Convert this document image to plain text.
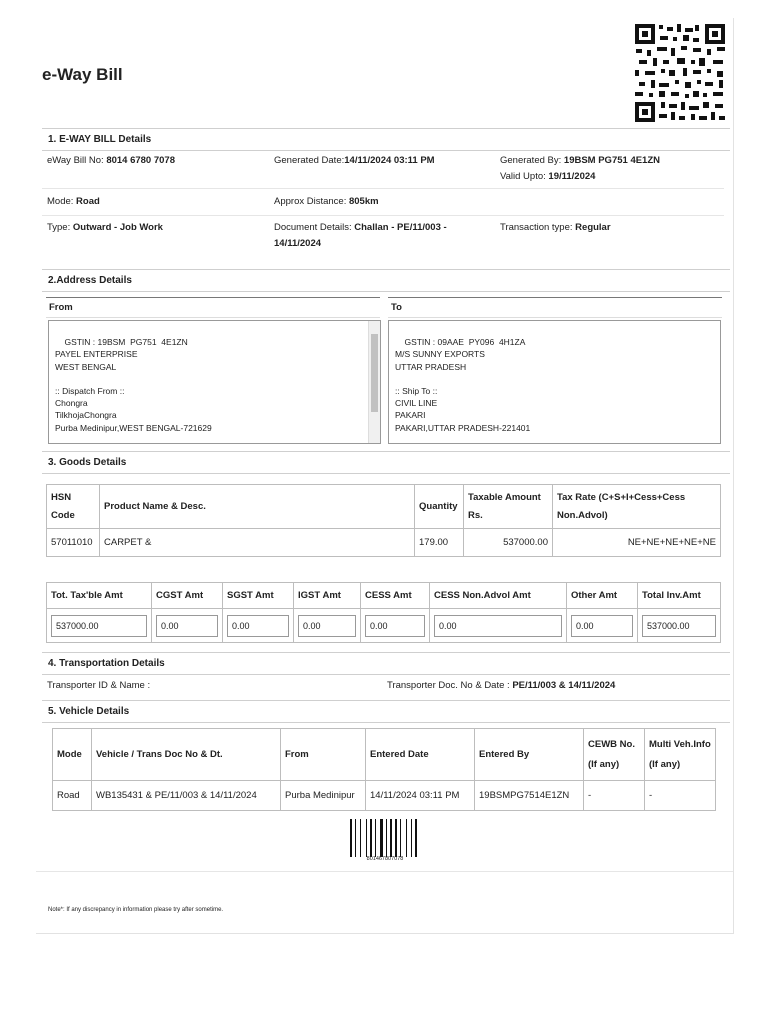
e-Way Bill
1. E-WAY BILL Details
eWay Bill No: 8014 6780 7078	Generated Date:14/11/2024 03:11 PM	Generated By: 19BSM PG751 4E1ZN
Valid Upto: 19/11/2024
Mode: Road	Approx Distance: 805km
Type: Outward - Job Work	Document Details: Challan - PE/11/003 -
14/11/2024
Transaction type: Regular
2.Address Details
From	To

GSTIN : 19BSM  PG751  4E1ZN
PAYEL ENTERPRISE
WEST BENGAL

:: Dispatch From ::
Chongra
TilkhojaChongra
Purba Medinipur,WEST BENGAL-721629

GSTIN : 09AAE  PY096  4H1ZA
M/S SUNNY EXPORTS
UTTAR PRADESH

:: Ship To ::
CIVIL LINE
PAKARI
PAKARI,UTTAR PRADESH-221401

3. Goods Details
HSN Code	Product Name & Desc.	Quantity	Taxable Amount Rs.	Tax Rate (C+S+I+Cess+Cess Non.Advol)
57011010	CARPET &	179.00	537000.00	NE+NE+NE+NE+NE
Tot. Tax'ble Amt	CGST Amt	SGST Amt	IGST Amt	CESS Amt	CESS Non.Advol Amt	Other Amt	Total Inv.Amt

537000.00	0.00	0.00	0.00	0.00	0.00	0.00	537000.00
4. Transportation Details
Transporter ID & Name :	Transporter Doc. No & Date : PE/11/003 & 14/11/2024
5. Vehicle Details
Mode	Vehicle / Trans Doc No & Dt.	From	Entered Date	Entered By	CEWB No. (If any)	Multi Veh.Info (If any)
Road	WB135431 & PE/11/003 & 14/11/2024	Purba Medinipur	14/11/2024 03:11 PM	19BSMPG7514E1ZN	-	-
801467807078
Note*: If any discrepancy in information please try after sometime.
